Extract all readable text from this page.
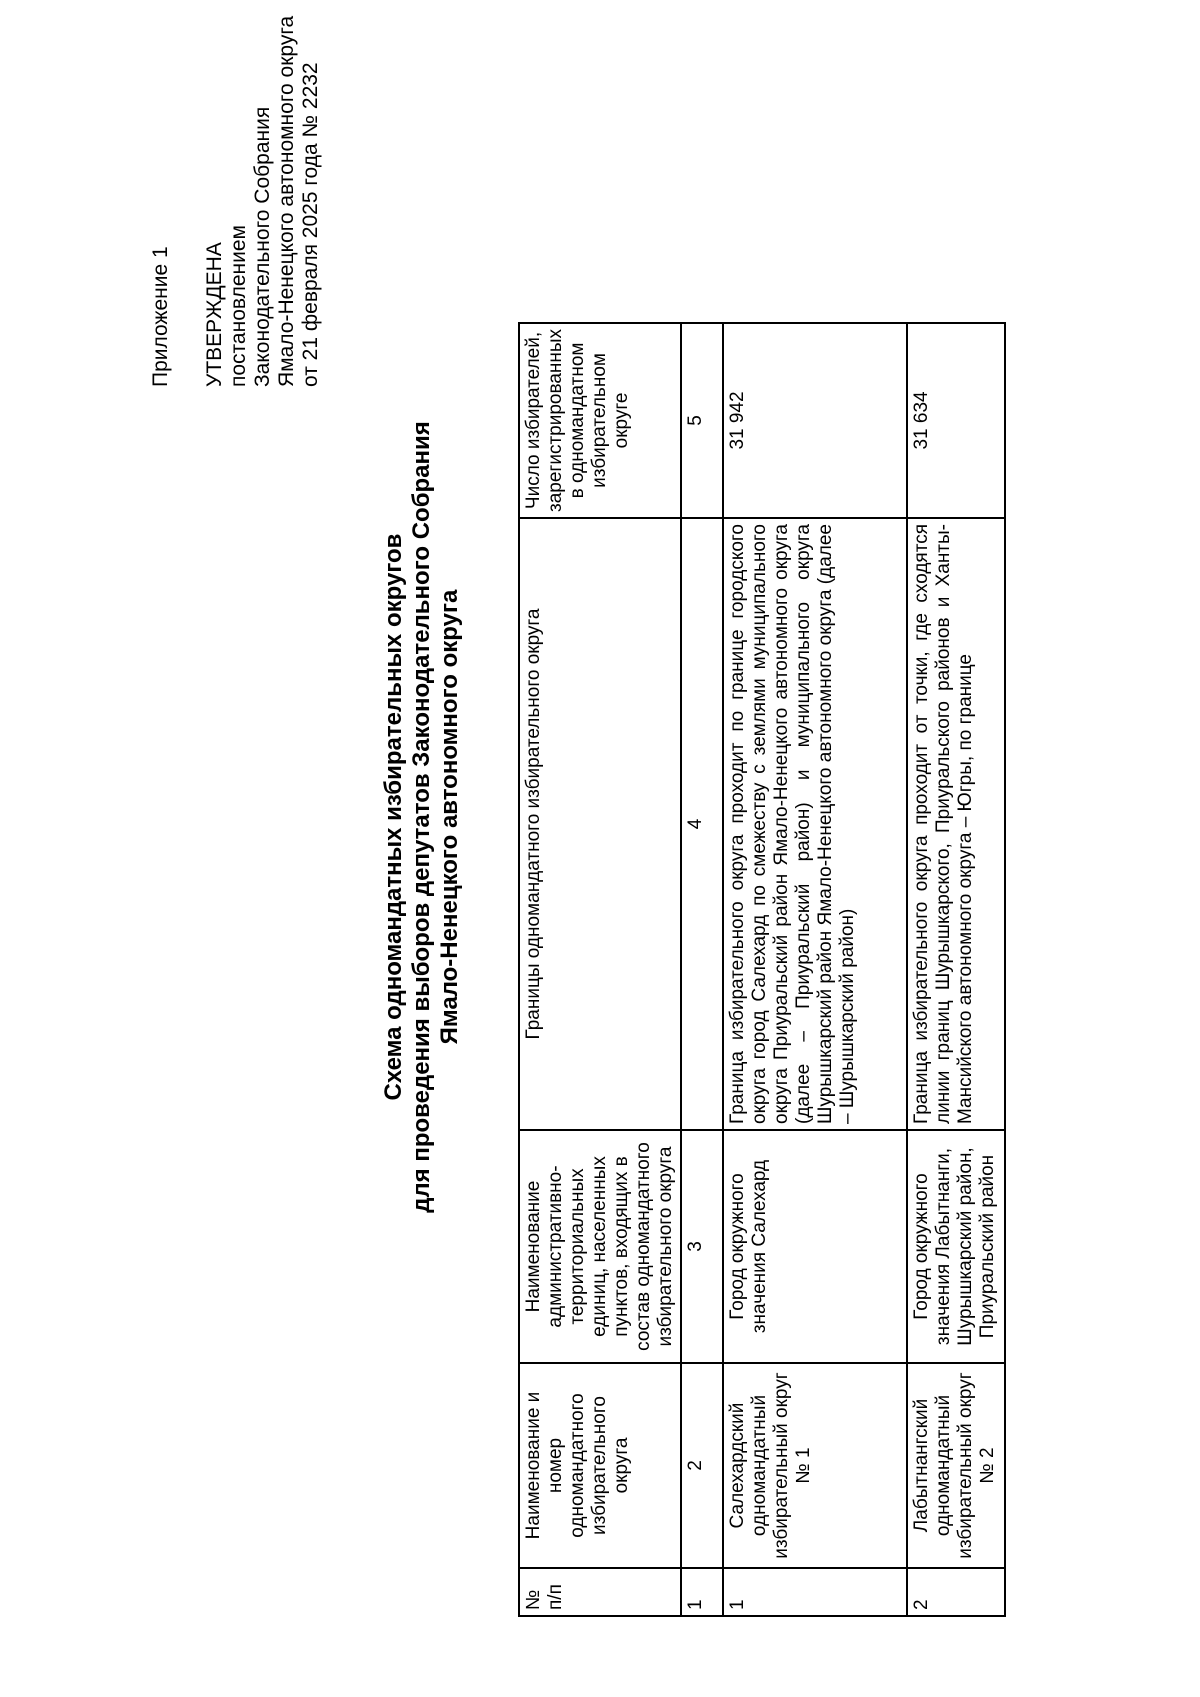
Приложение 1 УТВЕРЖДЕНА постановлением Законодательного Собрания Ямало-Ненецкого автономного округа от 21 февраля 2025 года № 2232
Схема одномандатных избирательных округов для проведения выборов депутатов Законодательного Собрания Ямало-Ненецкого автономного округа
№ п/п	Наименование и номер одномандатного избирательного округа	Наименование административно-территориальных единиц, населенных пунктов, входящих в состав одномандатного избирательного округа	Границы одномандатного избирательного округа	Число избирателей, зарегистрированных в одномандатном избирательном округе
1	2	3	4	5
1	Салехардский одномандатный избирательный округ № 1	Город окружного значения Салехард	Граница избирательного округа проходит по границе городского округа город Салехард по смежеству с землями муниципального округа Приуральский район Ямало-Ненецкого автономного округа (далее – Приуральский район) и муниципального округа Шурышкарский район Ямало-Ненецкого автономного округа (далее – Шурышкарский район)	31 942
2	Лабытнангский одномандатный избирательный округ № 2	Город окружного значения Лабытнанги, Шурышкарский район, Приуральский район	Граница избирательного округа проходит от точки, где сходятся линии границ Шурышкарского, Приуральского районов и Ханты-Мансийского автономного округа – Югры, по границе	31 634
